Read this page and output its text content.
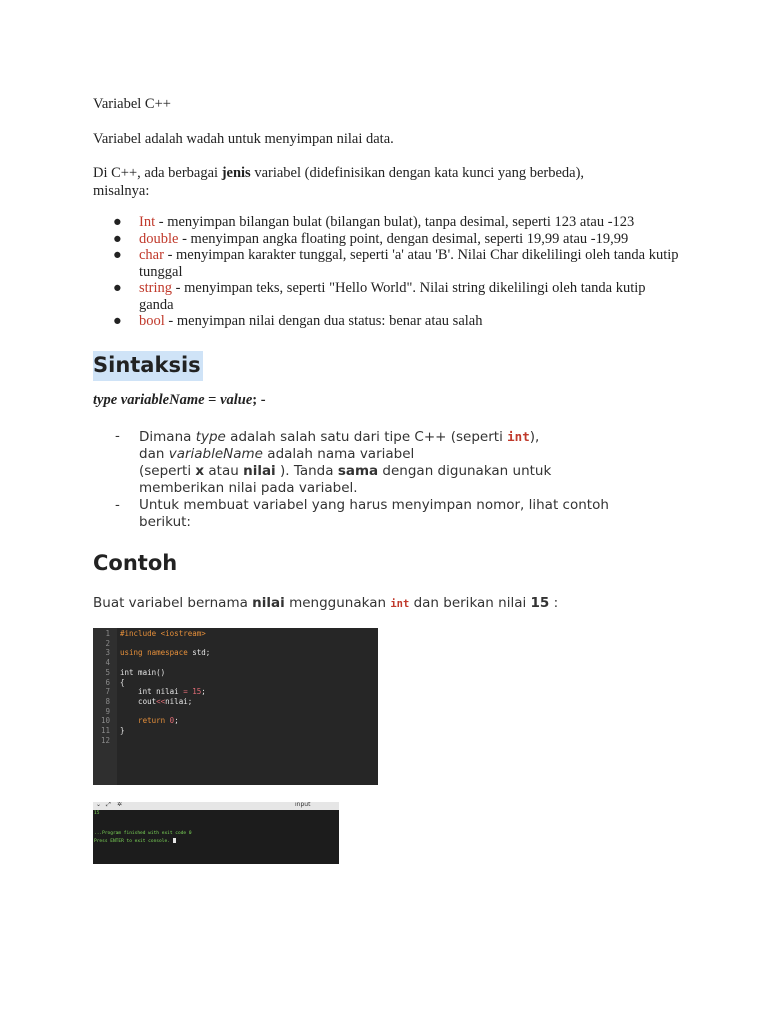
Variabel C++

Variabel adalah wadah untuk menyimpan nilai data.

Di C++, ada berbagai jenis variabel (didefinisikan dengan kata kunci yang berbeda),
misalnya:

● Int - menyimpan bilangan bulat (bilangan bulat), tanpa desimal, seperti 123 atau -123
● double - menyimpan angka floating point, dengan desimal, seperti 19,99 atau -19,99
● char - menyimpan karakter tunggal, seperti 'a' atau 'B'. Nilai Char dikelilingi oleh tanda kutip tunggal
● string - menyimpan teks, seperti "Hello World". Nilai string dikelilingi oleh tanda kutip ganda
● bool - menyimpan nilai dengan dua status: benar atau salah
Sintaksis

type variableName = value; -

- Dimana type adalah salah satu dari tipe C++ (seperti int),
dan variableName adalah nama variabel
(seperti x atau nilai ). Tanda sama dengan digunakan untuk
memberikan nilai pada variabel.
- Untuk membuat variabel yang harus menyimpan nomor, lihat contoh berikut:
Contoh

Buat variabel bernama nilai menggunakan int dan berikan nilai 15 :

1 #include <iostream>
2
3 using namespace std;
4
5 int main()
6 {
7 int nilai = 15;
8 cout<<nilai;
9
10 return 0;
11 }
12
⌄ ⤢ ✲	input
15
...Program finished with exit code 0
Press ENTER to exit console.
